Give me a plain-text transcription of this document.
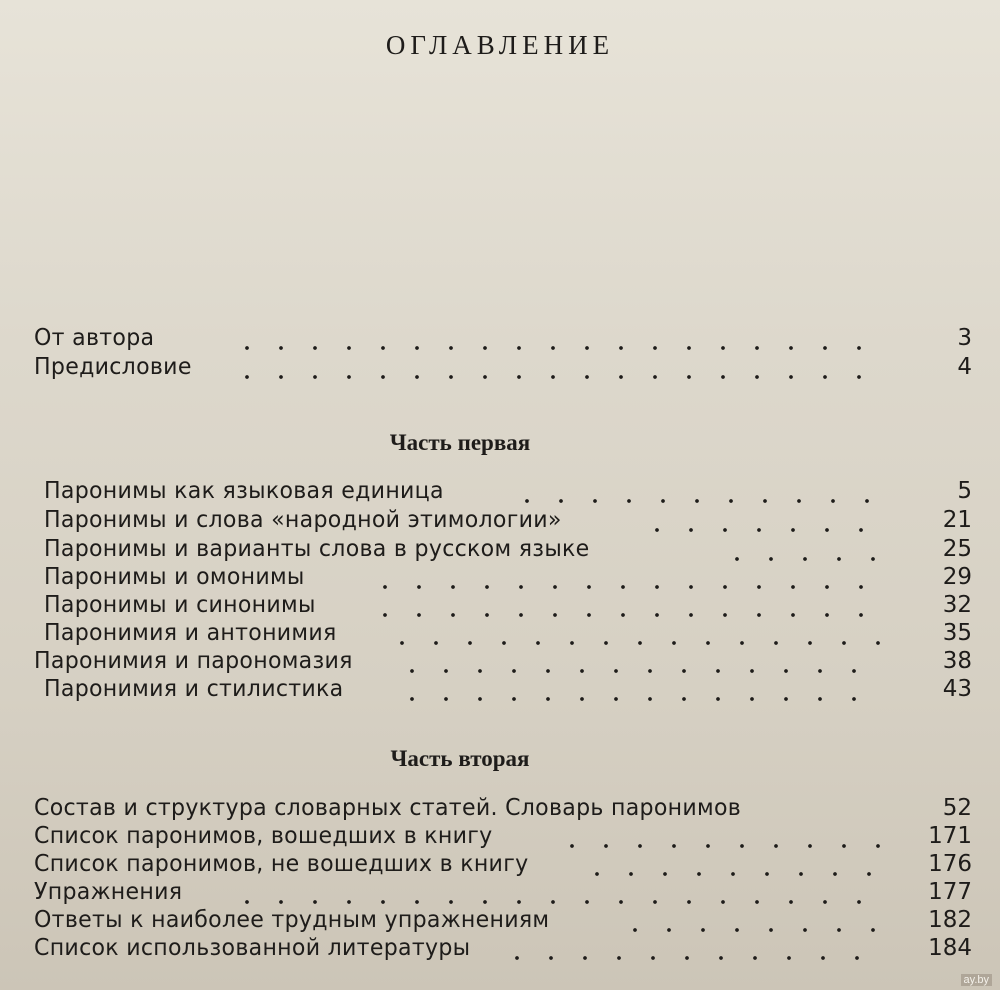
ОГЛАВЛЕНИЕ
От автора	3
Предисловие	4
Часть первая
Паронимы как языковая единица	5
Паронимы и слова «народной этимологии»	21
Паронимы и варианты слова в русском языке	25
Паронимы и омонимы	29
Паронимы и синонимы	32
Паронимия и антонимия	35
Паронимия и парономазия	38
Паронимия и стилистика	43
Часть вторая
Состав и структура словарных статей. Словарь паронимов	52
Список паронимов, вошедших в книгу	171
Список паронимов, не вошедших в книгу	176
Упражнения	177
Ответы к наиболее трудным упражнениям	182
Список использованной литературы	184
ay.by
